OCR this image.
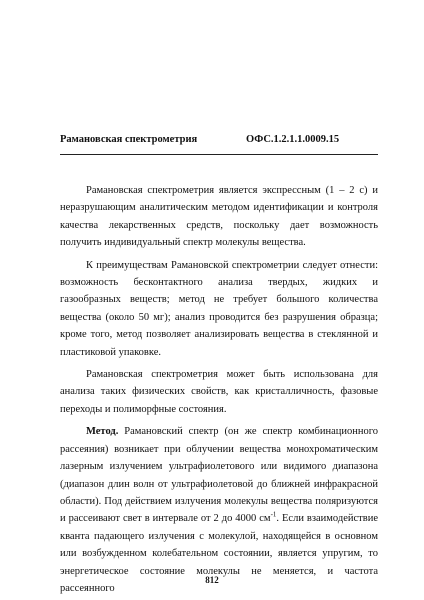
Рамановская спектрометрия	ОФС.1.2.1.1.0009.15

Рамановская спектрометрия является экспрессным (1 – 2 с) и неразрушающим аналитическим методом идентификации и контроля качества лекарственных средств, поскольку дает возможность получить индивидуальный спектр молекулы вещества.

К преимуществам Рамановской спектрометрии следует отнести: возможность бесконтактного анализа твердых, жидких и газообразных веществ; метод не требует большого количества вещества (около 50 мг); анализ проводится без разрушения образца; кроме того, метод позволяет анализировать вещества в стеклянной и пластиковой упаковке.

Рамановская спектрометрия может быть использована для анализа таких физических свойств, как кристалличность, фазовые переходы и полиморфные состояния.

Метод. Рамановский спектр (он же спектр комбинационного рассеяния) возникает при облучении вещества монохроматическим лазерным излучением ультрафиолетового или видимого диапазона (диапазон длин волн от ультрафиолетовой до ближней инфракрасной области). Под действием излучения молекулы вещества поляризуются и рассеивают свет в интервале от 2 до 4000 $см^{-1}$. Если взаимодействие кванта падающего излучения с молекулой, находящейся в основном или возбужденном колебательном состоянии, является упругим, то энергетическое состояние молекулы не меняется, и частота рассеянного

812
